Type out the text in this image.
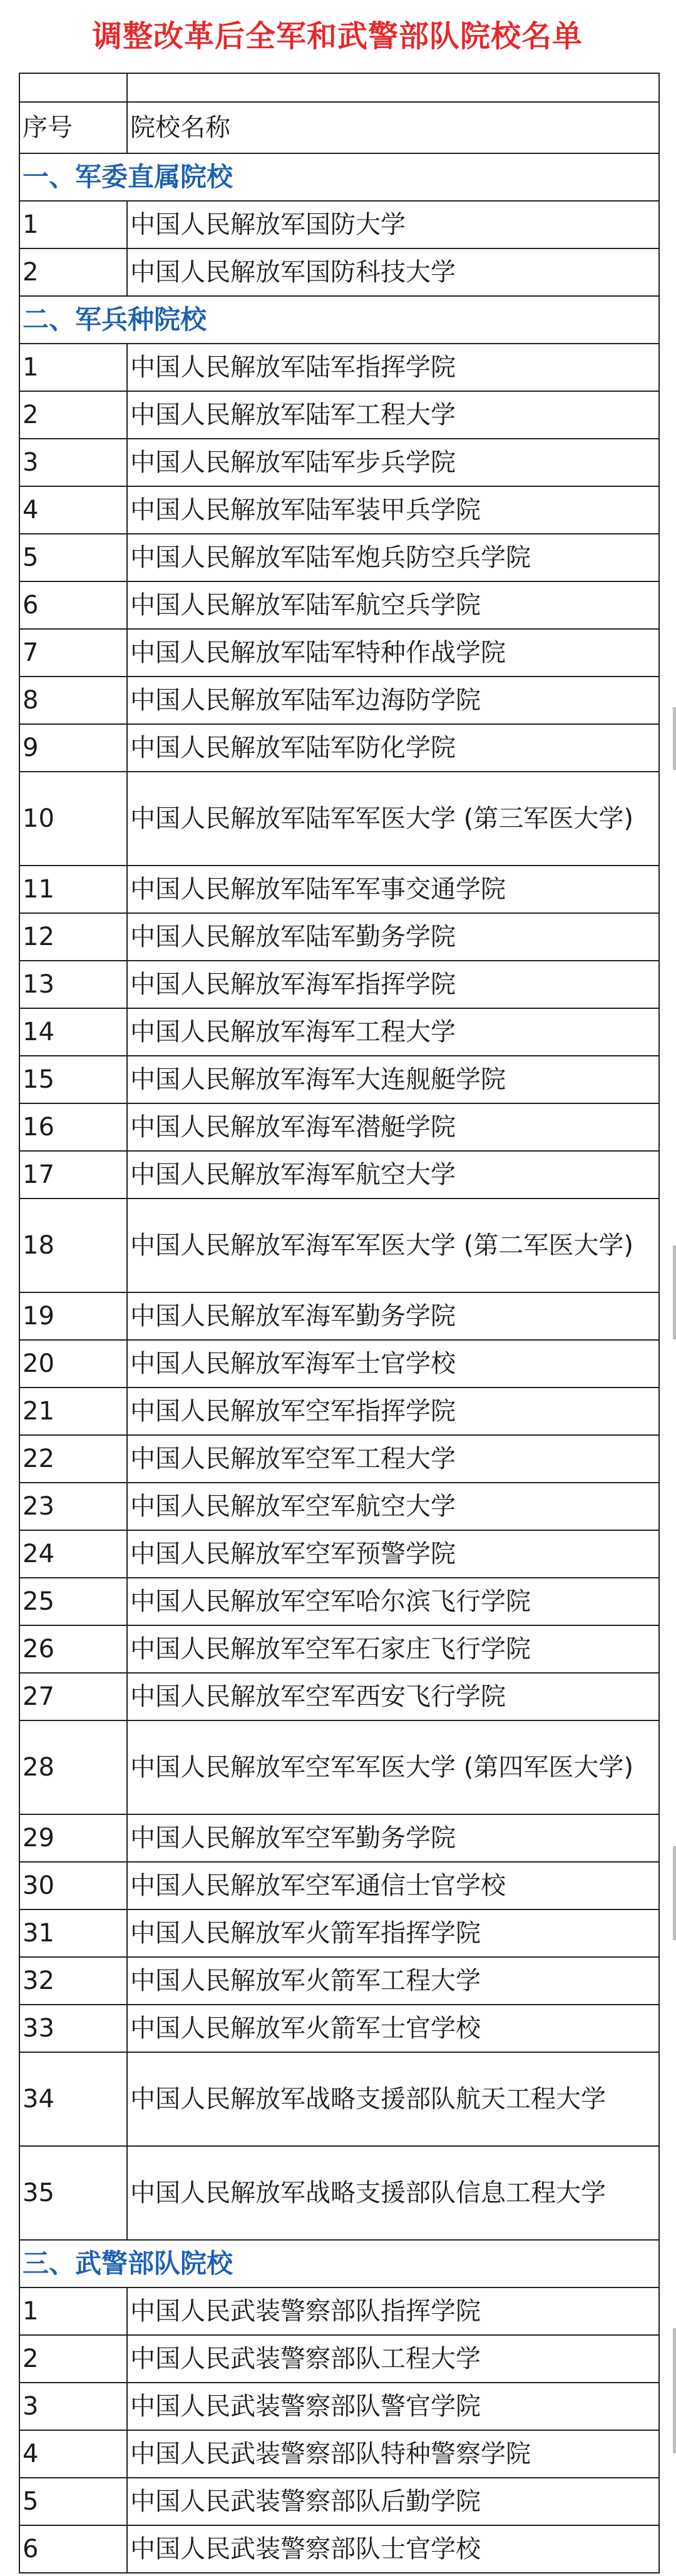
调整改革后全军和武警部队院校名单

序号	院校名称
一、军委直属院校	
1	中国人民解放军国防大学
2	中国人民解放军国防科技大学
二、军兵种院校	
1	中国人民解放军陆军指挥学院
2	中国人民解放军陆军工程大学
3	中国人民解放军陆军步兵学院
4	中国人民解放军陆军装甲兵学院
5	中国人民解放军陆军炮兵防空兵学院
6	中国人民解放军陆军航空兵学院
7	中国人民解放军陆军特种作战学院
8	中国人民解放军陆军边海防学院
9	中国人民解放军陆军防化学院
10	中国人民解放军陆军军医大学 (第三军医大学)
11	中国人民解放军陆军军事交通学院
12	中国人民解放军陆军勤务学院
13	中国人民解放军海军指挥学院
14	中国人民解放军海军工程大学
15	中国人民解放军海军大连舰艇学院
16	中国人民解放军海军潜艇学院
17	中国人民解放军海军航空大学
18	中国人民解放军海军军医大学 (第二军医大学)
19	中国人民解放军海军勤务学院
20	中国人民解放军海军士官学校
21	中国人民解放军空军指挥学院
22	中国人民解放军空军工程大学
23	中国人民解放军空军航空大学
24	中国人民解放军空军预警学院
25	中国人民解放军空军哈尔滨飞行学院
26	中国人民解放军空军石家庄飞行学院
27	中国人民解放军空军西安飞行学院
28	中国人民解放军空军军医大学 (第四军医大学)
29	中国人民解放军空军勤务学院
30	中国人民解放军空军通信士官学校
31	中国人民解放军火箭军指挥学院
32	中国人民解放军火箭军工程大学
33	中国人民解放军火箭军士官学校
34	中国人民解放军战略支援部队航天工程大学
35	中国人民解放军战略支援部队信息工程大学
三、武警部队院校	
1	中国人民武装警察部队指挥学院
2	中国人民武装警察部队工程大学
3	中国人民武装警察部队警官学院
4	中国人民武装警察部队特种警察学院
5	中国人民武装警察部队后勤学院
6	中国人民武装警察部队士官学校
